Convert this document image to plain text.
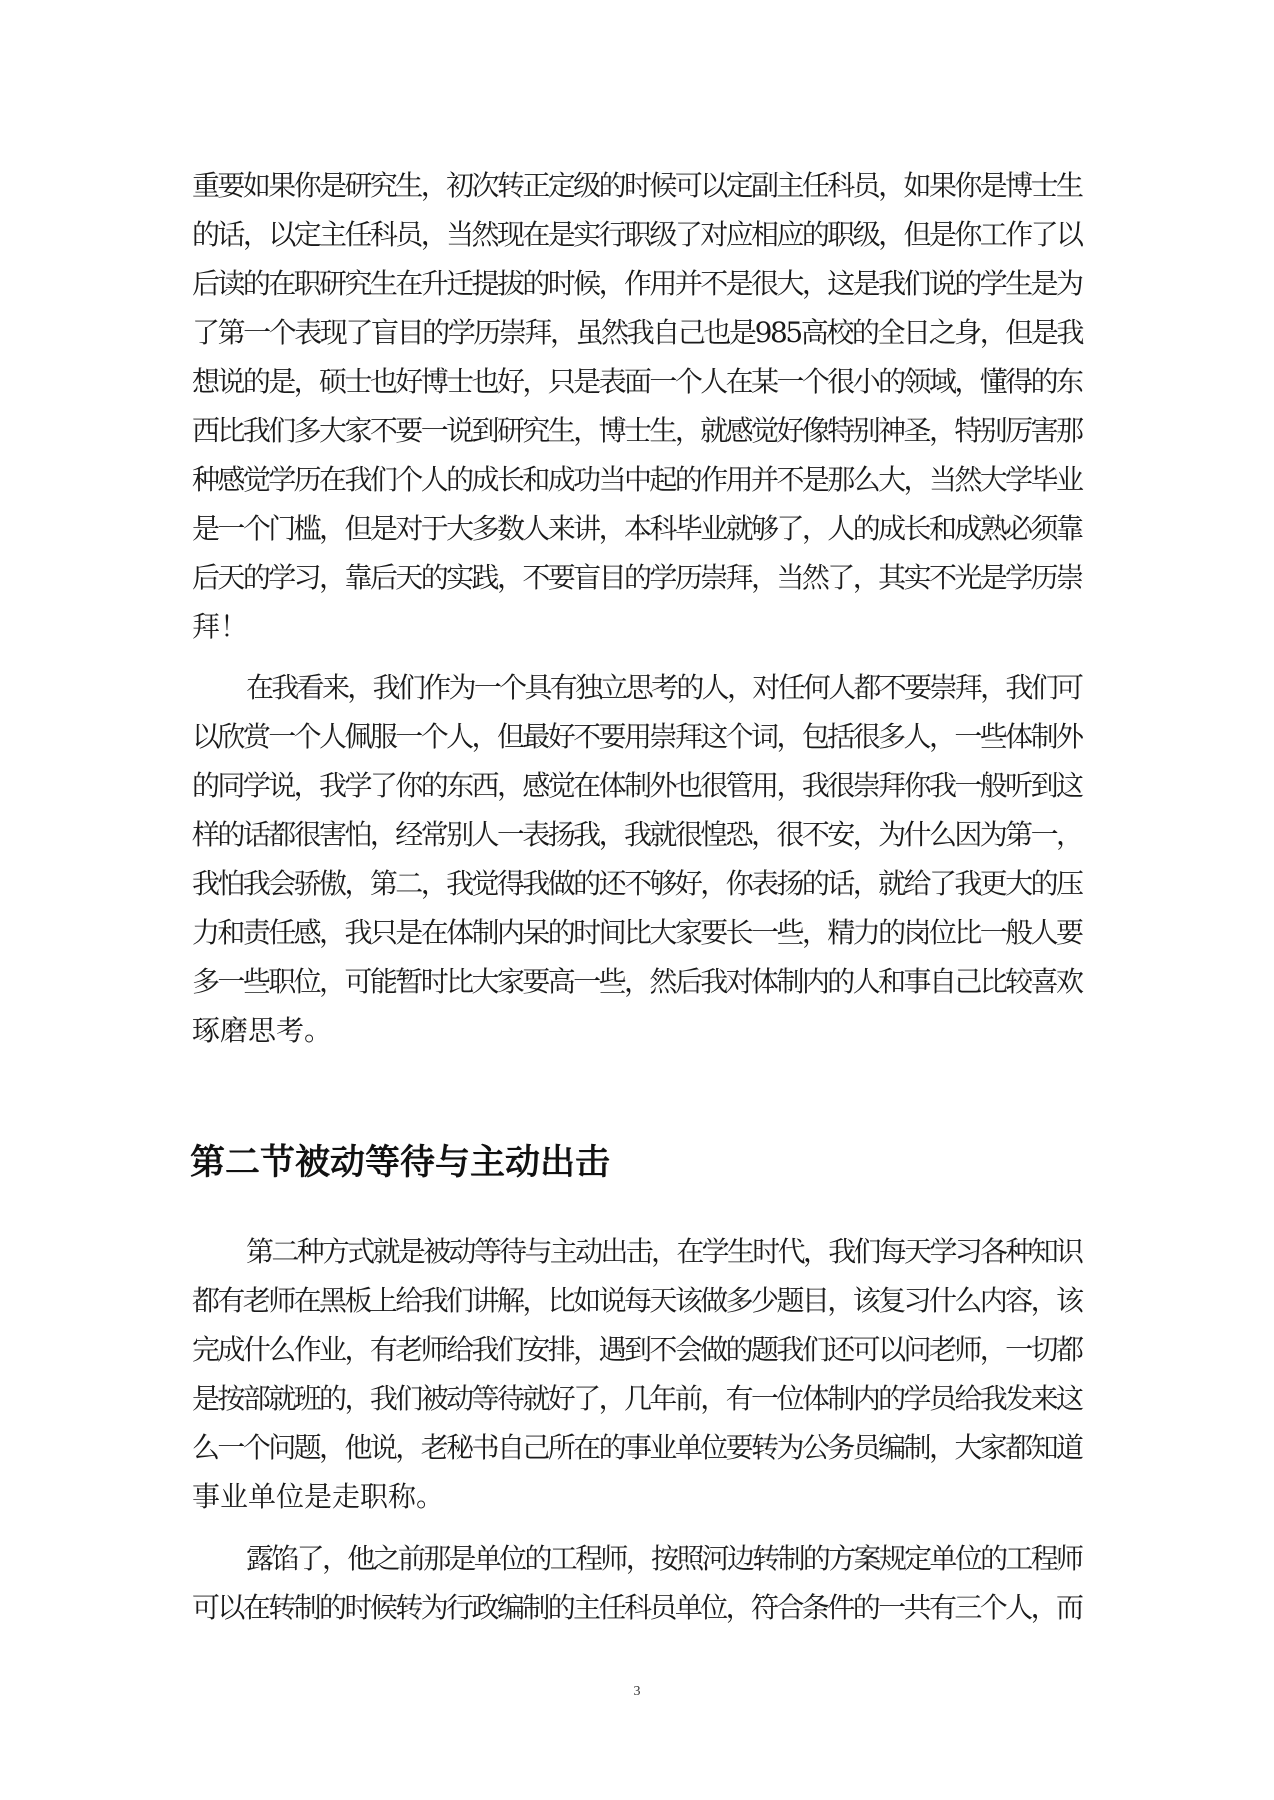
重要如果你是研究生，初次转正定级的时候可以定副主任科员，如果你是博士生
的话，以定主任科员，当然现在是实行职级了对应相应的职级，但是你工作了以
后读的在职研究生在升迁提拔的时候，作用并不是很大，这是我们说的学生是为
了第一个表现了盲目的学历崇拜，虽然我自己也是985高校的全日之身，但是我
想说的是，硕士也好博士也好，只是表面一个人在某一个很小的领域，懂得的东
西比我们多大家不要一说到研究生，博士生，就感觉好像特别神圣，特别厉害那
种感觉学历在我们个人的成长和成功当中起的作用并不是那么大，当然大学毕业
是一个门槛，但是对于大多数人来讲，本科毕业就够了，人的成长和成熟必须靠
后天的学习，靠后天的实践，不要盲目的学历崇拜，当然了，其实不光是学历崇
拜！
在我看来，我们作为一个具有独立思考的人，对任何人都不要崇拜，我们可
以欣赏一个人佩服一个人，但最好不要用崇拜这个词，包括很多人，一些体制外
的同学说，我学了你的东西，感觉在体制外也很管用，我很崇拜你我一般听到这
样的话都很害怕，经常别人一表扬我，我就很惶恐，很不安，为什么因为第一，
我怕我会骄傲，第二，我觉得我做的还不够好，你表扬的话，就给了我更大的压
力和责任感，我只是在体制内呆的时间比大家要长一些，精力的岗位比一般人要
多一些职位，可能暂时比大家要高一些，然后我对体制内的人和事自己比较喜欢
琢磨思考。
第二节被动等待与主动出击
第二种方式就是被动等待与主动出击，在学生时代，我们每天学习各种知识
都有老师在黑板上给我们讲解，比如说每天该做多少题目，该复习什么内容，该
完成什么作业，有老师给我们安排，遇到不会做的题我们还可以问老师，一切都
是按部就班的，我们被动等待就好了，几年前，有一位体制内的学员给我发来这
么一个问题，他说，老秘书自己所在的事业单位要转为公务员编制，大家都知道
事业单位是走职称。
露馅了，他之前那是单位的工程师，按照河边转制的方案规定单位的工程师
可以在转制的时候转为行政编制的主任科员单位，符合条件的一共有三个人，而
3
